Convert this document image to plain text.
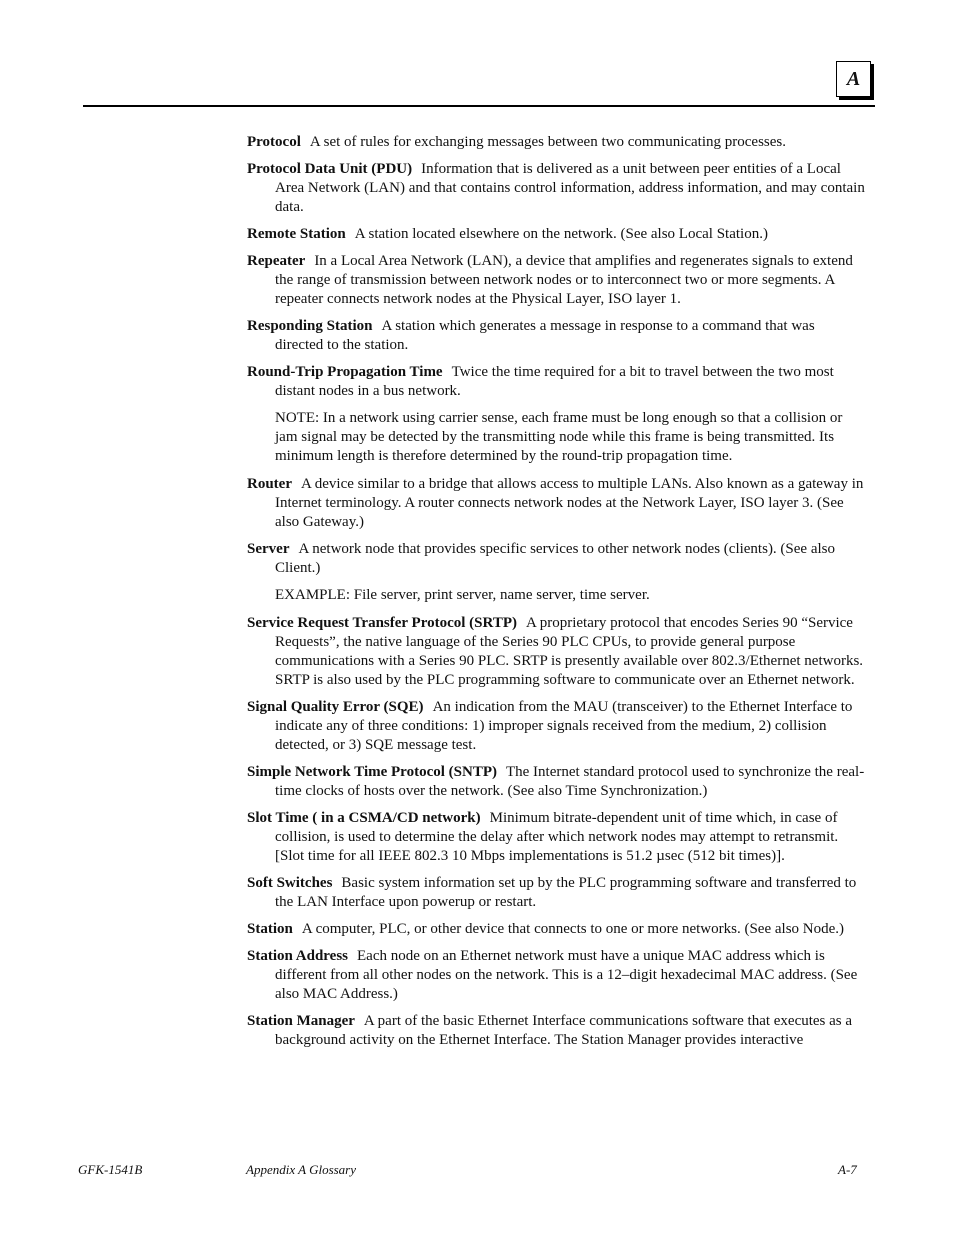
A

Protocol A set of rules for exchanging messages between two communicating processes.

Protocol Data Unit (PDU) Information that is delivered as a unit between peer entities of a Local Area Network (LAN) and that contains control information, address information, and may contain data.

Remote Station A station located elsewhere on the network. (See also Local Station.)

Repeater In a Local Area Network (LAN), a device that amplifies and regenerates signals to extend the range of transmission between network nodes or to interconnect two or more segments. A repeater connects network nodes at the Physical Layer, ISO layer 1.

Responding Station A station which generates a message in response to a command that was directed to the station.

Round-Trip Propagation Time Twice the time required for a bit to travel between the two most distant nodes in a bus network.

NOTE: In a network using carrier sense, each frame must be long enough so that a collision or jam signal may be detected by the transmitting node while this frame is being transmitted. Its minimum length is therefore determined by the round-trip propagation time.

Router A device similar to a bridge that allows access to multiple LANs. Also known as a gateway in Internet terminology. A router connects network nodes at the Network Layer, ISO layer 3. (See also Gateway.)

Server A network node that provides specific services to other network nodes (clients). (See also Client.)

EXAMPLE: File server, print server, name server, time server.

Service Request Transfer Protocol (SRTP) A proprietary protocol that encodes Series 90 “Service Requests”, the native language of the Series 90 PLC CPUs, to provide general purpose communications with a Series 90 PLC. SRTP is presently available over 802.3/Ethernet networks. SRTP is also used by the PLC programming software to communicate over an Ethernet network.

Signal Quality Error (SQE) An indication from the MAU (transceiver) to the Ethernet Interface to indicate any of three conditions: 1) improper signals received from the medium, 2) collision detected, or 3) SQE message test.

Simple Network Time Protocol (SNTP) The Internet standard protocol used to synchronize the real-time clocks of hosts over the network. (See also Time Synchronization.)

Slot Time ( in a CSMA/CD network) Minimum bitrate-dependent unit of time which, in case of collision, is used to determine the delay after which network nodes may attempt to retransmit. [Slot time for all IEEE 802.3 10 Mbps implementations is 51.2 µsec (512 bit times)].

Soft Switches Basic system information set up by the PLC programming software and transferred to the LAN Interface upon powerup or restart.

Station A computer, PLC, or other device that connects to one or more networks. (See also Node.)

Station Address Each node on an Ethernet network must have a unique MAC address which is different from all other nodes on the network. This is a 12–digit hexadecimal MAC address. (See also MAC Address.)

Station Manager A part of the basic Ethernet Interface communications software that executes as a background activity on the Ethernet Interface. The Station Manager provides interactive

GFK-1541B	Appendix A Glossary	A-7
